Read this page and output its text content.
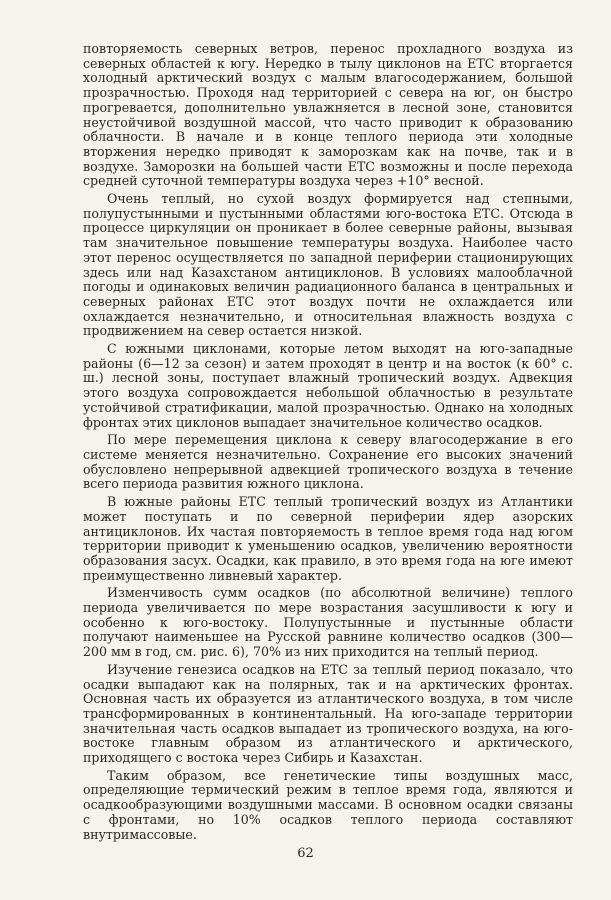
повторяемость северных ветров, перенос прохладного воздуха из северных областей к югу. Нередко в тылу циклонов на ЕТС вторгается холодный арктический воздух с малым влагосодержанием, большой прозрачностью. Проходя над территорией с севера на юг, он быстро прогревается, дополнительно увлажняется в лесной зоне, становится неустойчивой воздушной массой, что часто приводит к образованию облачности. В начале и в конце теплого периода эти холодные вторжения нередко приводят к заморозкам как на почве, так и в воздухе. Заморозки на большей части ЕТС возможны и после перехода средней суточной температуры воздуха через +10° весной.

Очень теплый, но сухой воздух формируется над степными, полупустынными и пустынными областями юго-востока ЕТС. Отсюда в процессе циркуляции он проникает в более северные районы, вызывая там значительное повышение температуры воздуха. Наиболее часто этот перенос осуществляется по западной периферии стационирующих здесь или над Казахстаном антициклонов. В условиях малооблачной погоды и одинаковых величин радиационного баланса в центральных и северных районах ЕТС этот воздух почти не охлаждается или охлаждается незначительно, и относительная влажность воздуха с продвижением на север остается низкой.

С южными циклонами, которые летом выходят на юго-западные районы (6—12 за сезон) и затем проходят в центр и на восток (к 60° с. ш.) лесной зоны, поступает влажный тропический воздух. Адвекция этого воздуха сопровождается небольшой облачностью в результате устойчивой стратификации, малой прозрачностью. Однако на холодных фронтах этих циклонов выпадает значительное количество осадков.

По мере перемещения циклона к северу влагосодержание в его системе меняется незначительно. Сохранение его высоких значений обусловлено непрерывной адвекцией тропического воздуха в течение всего периода развития южного циклона.

В южные районы ЕТС теплый тропический воздух из Атлантики может поступать и по северной периферии ядер азорских антициклонов. Их частая повторяемость в теплое время года над югом территории приводит к уменьшению осадков, увеличению вероятности образования засух. Осадки, как правило, в это время года на юге имеют преимущественно ливневый характер.

Изменчивость сумм осадков (по абсолютной величине) теплого периода увеличивается по мере возрастания засушливости к югу и особенно к юго-востоку. Полупустынные и пустынные области получают наименьшее на Русской равнине количество осадков (300—200 мм в год, см. рис. 6), 70% из них приходится на теплый период.

Изучение генезиса осадков на ЕТС за теплый период показало, что осадки выпадают как на полярных, так и на арктических фронтах. Основная часть их образуется из атлантического воздуха, в том числе трансформированных в континентальный. На юго-западе территории значительная часть осадков выпадает из тропического воздуха, на юго-востоке главным образом из атлантического и арктического, приходящего с востока через Сибирь и Казахстан.

Таким образом, все генетические типы воздушных масс, определяющие термический режим в теплое время года, являются и осадкообразующими воздушными массами. В основном осадки связаны с фронтами, но 10% осадков теплого периода составляют внутримассовые.

62
